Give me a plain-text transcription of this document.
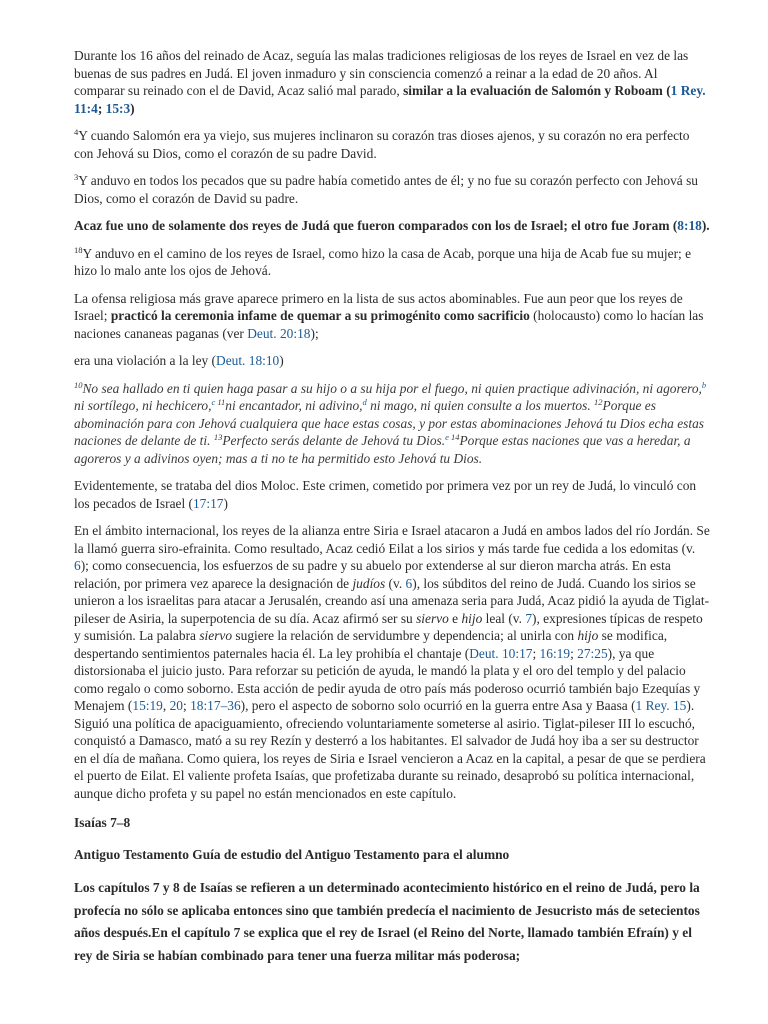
Durante los 16 años del reinado de Acaz, seguía las malas tradiciones religiosas de los reyes de Israel en vez de las buenas de sus padres en Judá. El joven inmaduro y sin consciencia comenzó a reinar a la edad de 20 años. Al comparar su reinado con el de David, Acaz salió mal parado, similar a la evaluación de Salomón y Roboam (1 Rey. 11:4; 15:3)

$^4$Y cuando Salomón era ya viejo, sus mujeres inclinaron su corazón tras dioses ajenos, y su corazón no era perfecto con Jehová su Dios, como el corazón de su padre David.

$^3$Y anduvo en todos los pecados que su padre había cometido antes de él; y no fue su corazón perfecto con Jehová su Dios, como el corazón de David su padre.

Acaz fue uno de solamente dos reyes de Judá que fueron comparados con los de Israel; el otro fue Joram (8:18).

$^{18}$Y anduvo en el camino de los reyes de Israel, como hizo la casa de Acab, porque una hija de Acab fue su mujer; e hizo lo malo ante los ojos de Jehová.

La ofensa religiosa más grave aparece primero en la lista de sus actos abominables. Fue aun peor que los reyes de Israel; practicó la ceremonia infame de quemar a su primogénito como sacrificio (holocausto) como lo hacían las naciones cananeas paganas (ver Deut. 20:18);

era una violación a la ley (Deut. 18:10)

$^{10}$No sea hallado en ti quien haga pasar a su hijo o a su hija por el fuego, ni quien practique adivinación, ni agorero,$^b$ ni sortílego, ni hechicero,$^c$ $^{11}$ni encantador, ni adivino,$^d$ ni mago, ni quien consulte a los muertos. $^{12}$Porque es abominación para con Jehová cualquiera que hace estas cosas, y por estas abominaciones Jehová tu Dios echa estas naciones de delante de ti. $^{13}$Perfecto serás delante de Jehová tu Dios.$^e$ $^{14}$Porque estas naciones que vas a heredar, a agoreros y a adivinos oyen; mas a ti no te ha permitido esto Jehová tu Dios.

Evidentemente, se trataba del dios Moloc. Este crimen, cometido por primera vez por un rey de Judá, lo vinculó con los pecados de Israel (17:17)

En el ámbito internacional, los reyes de la alianza entre Siria e Israel atacaron a Judá en ambos lados del río Jordán. Se la llamó guerra siro-efrainita. Como resultado, Acaz cedió Eilat a los sirios y más tarde fue cedida a los edomitas (v. 6); como consecuencia, los esfuerzos de su padre y su abuelo por extenderse al sur dieron marcha atrás. En esta relación, por primera vez aparece la designación de judíos (v. 6), los súbditos del reino de Judá. Cuando los sirios se unieron a los israelitas para atacar a Jerusalén, creando así una amenaza seria para Judá, Acaz pidió la ayuda de Tiglat-pileser de Asiria, la superpotencia de su día. Acaz afirmó ser su siervo e hijo leal (v. 7), expresiones típicas de respeto y sumisión. La palabra siervo sugiere la relación de servidumbre y dependencia; al unirla con hijo se modifica, despertando sentimientos paternales hacia él. La ley prohibía el chantaje (Deut. 10:17; 16:19; 27:25), ya que distorsionaba el juicio justo. Para reforzar su petición de ayuda, le mandó la plata y el oro del templo y del palacio como regalo o como soborno. Esta acción de pedir ayuda de otro país más poderoso ocurrió también bajo Ezequías y Menajem (15:19, 20; 18:17–36), pero el aspecto de soborno solo ocurrió en la guerra entre Asa y Baasa (1 Rey. 15). Siguió una política de apaciguamiento, ofreciendo voluntariamente someterse al asirio. Tiglat-pileser III lo escuchó, conquistó a Damasco, mató a su rey Rezín y desterró a los habitantes. El salvador de Judá hoy iba a ser su destructor en el día de mañana. Como quiera, los reyes de Siria e Israel vencieron a Acaz en la capital, a pesar de que se perdiera el puerto de Eilat. El valiente profeta Isaías, que profetizaba durante su reinado, desaprobó su política internacional, aunque dicho profeta y su papel no están mencionados en este capítulo.

Isaías 7–8
Antiguo Testamento Guía de estudio del Antiguo Testamento para el alumno
Los capítulos 7 y 8 de Isaías se refieren a un determinado acontecimiento histórico en el reino de Judá, pero la profecía no sólo se aplicaba entonces sino que también predecía el nacimiento de Jesucristo más de setecientos años después.En el capítulo 7 se explica que el rey de Israel (el Reino del Norte, llamado también Efraín) y el rey de Siria se habían combinado para tener una fuerza militar más poderosa;
